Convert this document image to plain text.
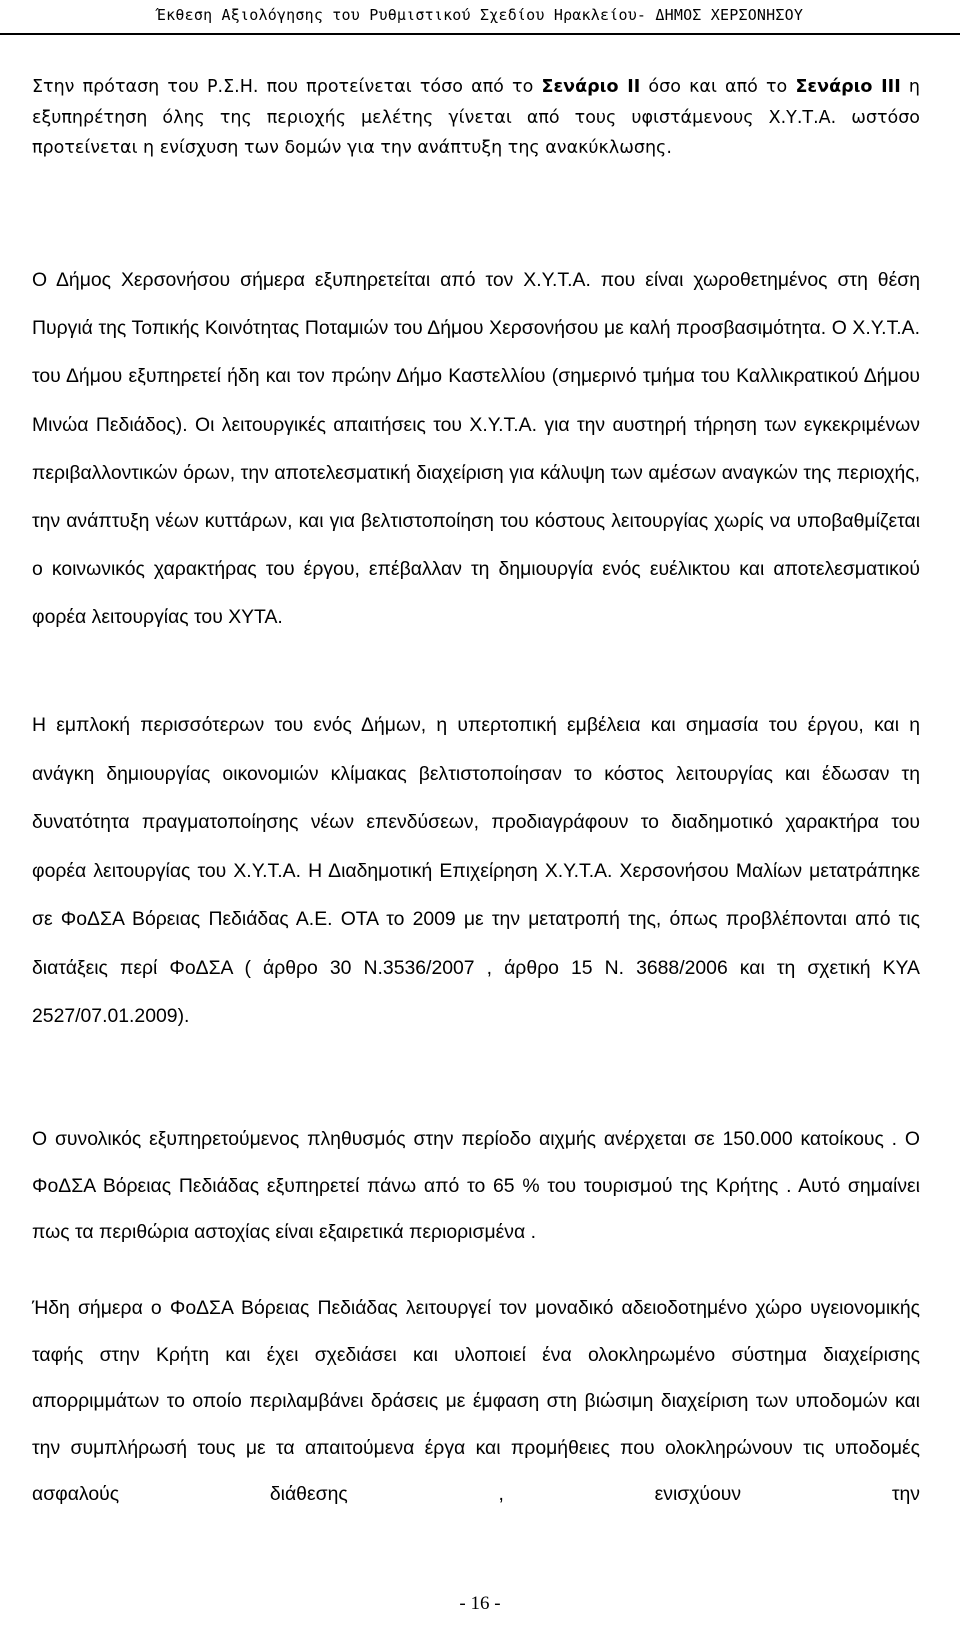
Έκθεση Αξιολόγησης του Ρυθμιστικού Σχεδίου Ηρακλείου- ΔΗΜΟΣ ΧΕΡΣΟΝΗΣΟΥ

Στην πρόταση του Ρ.Σ.Η. που προτείνεται τόσο από το Σενάριο ΙΙ όσο και από το Σενάριο ΙΙΙ η εξυπηρέτηση όλης της περιοχής μελέτης γίνεται από τους υφιστάμενους Χ.Υ.Τ.Α. ωστόσο προτείνεται η ενίσχυση των δομών για την ανάπτυξη της ανακύκλωσης.

Ο Δήμος Χερσονήσου σήμερα εξυπηρετείται από τον Χ.Υ.Τ.Α. που είναι χωροθετημένος στη θέση Πυργιά της Τοπικής Κοινότητας Ποταμιών του Δήμου Χερσονήσου με καλή προσβασιμότητα. Ο Χ.Υ.Τ.Α. του Δήμου εξυπηρετεί ήδη και τον πρώην Δήμο Καστελλίου (σημερινό τμήμα του Καλλικρατικού Δήμου Μινώα Πεδιάδος). Οι λειτουργικές απαιτήσεις του Χ.Υ.Τ.Α. για την αυστηρή τήρηση των εγκεκριμένων περιβαλλοντικών όρων, την αποτελεσματική διαχείριση για κάλυψη των αμέσων αναγκών της περιοχής, την ανάπτυξη νέων κυττάρων, και για βελτιστοποίηση του κόστους λειτουργίας χωρίς να υποβαθμίζεται ο κοινωνικός χαρακτήρας του έργου, επέβαλλαν τη δημιουργία ενός ευέλικτου και αποτελεσματικού φορέα λειτουργίας του ΧΥΤΑ.

Η εμπλοκή περισσότερων του ενός Δήμων, η υπερτοπική εμβέλεια και σημασία του έργου, και η ανάγκη δημιουργίας οικονομιών κλίμακας βελτιστοποίησαν το κόστος λειτουργίας και έδωσαν τη δυνατότητα πραγματοποίησης νέων επενδύσεων, προδιαγράφουν το διαδημοτικό χαρακτήρα του φορέα λειτουργίας του Χ.Υ.Τ.Α. Η Διαδημοτική Επιχείρηση Χ.Υ.Τ.Α. Χερσονήσου Μαλίων μετατράπηκε σε ΦοΔΣΑ Βόρειας Πεδιάδας Α.Ε. ΟΤΑ το 2009 με την μετατροπή της, όπως προβλέπονται από τις διατάξεις περί ΦοΔΣΑ ( άρθρο 30 Ν.3536/2007 , άρθρο 15 Ν. 3688/2006 και τη σχετική ΚΥΑ 2527/07.01.2009).

Ο συνολικός εξυπηρετούμενος πληθυσμός στην περίοδο αιχμής ανέρχεται σε 150.000 κατοίκους . Ο ΦοΔΣΑ Βόρειας Πεδιάδας εξυπηρετεί πάνω από το 65 % του τουρισμού της Κρήτης . Αυτό σημαίνει πως τα περιθώρια αστοχίας είναι εξαιρετικά περιορισμένα .

Ήδη σήμερα ο ΦοΔΣΑ Βόρειας Πεδιάδας λειτουργεί τον μοναδικό αδειοδοτημένο χώρο υγειονομικής ταφής στην Κρήτη και έχει σχεδιάσει και υλοποιεί ένα ολοκληρωμένο σύστημα διαχείρισης απορριμμάτων το οποίο περιλαμβάνει δράσεις με έμφαση στη βιώσιμη διαχείριση των υποδομών και την συμπλήρωσή τους με τα απαιτούμενα έργα και προμήθειες που ολοκληρώνουν τις υποδομές ασφαλούς διάθεσης , ενισχύουν την

- 16 -
